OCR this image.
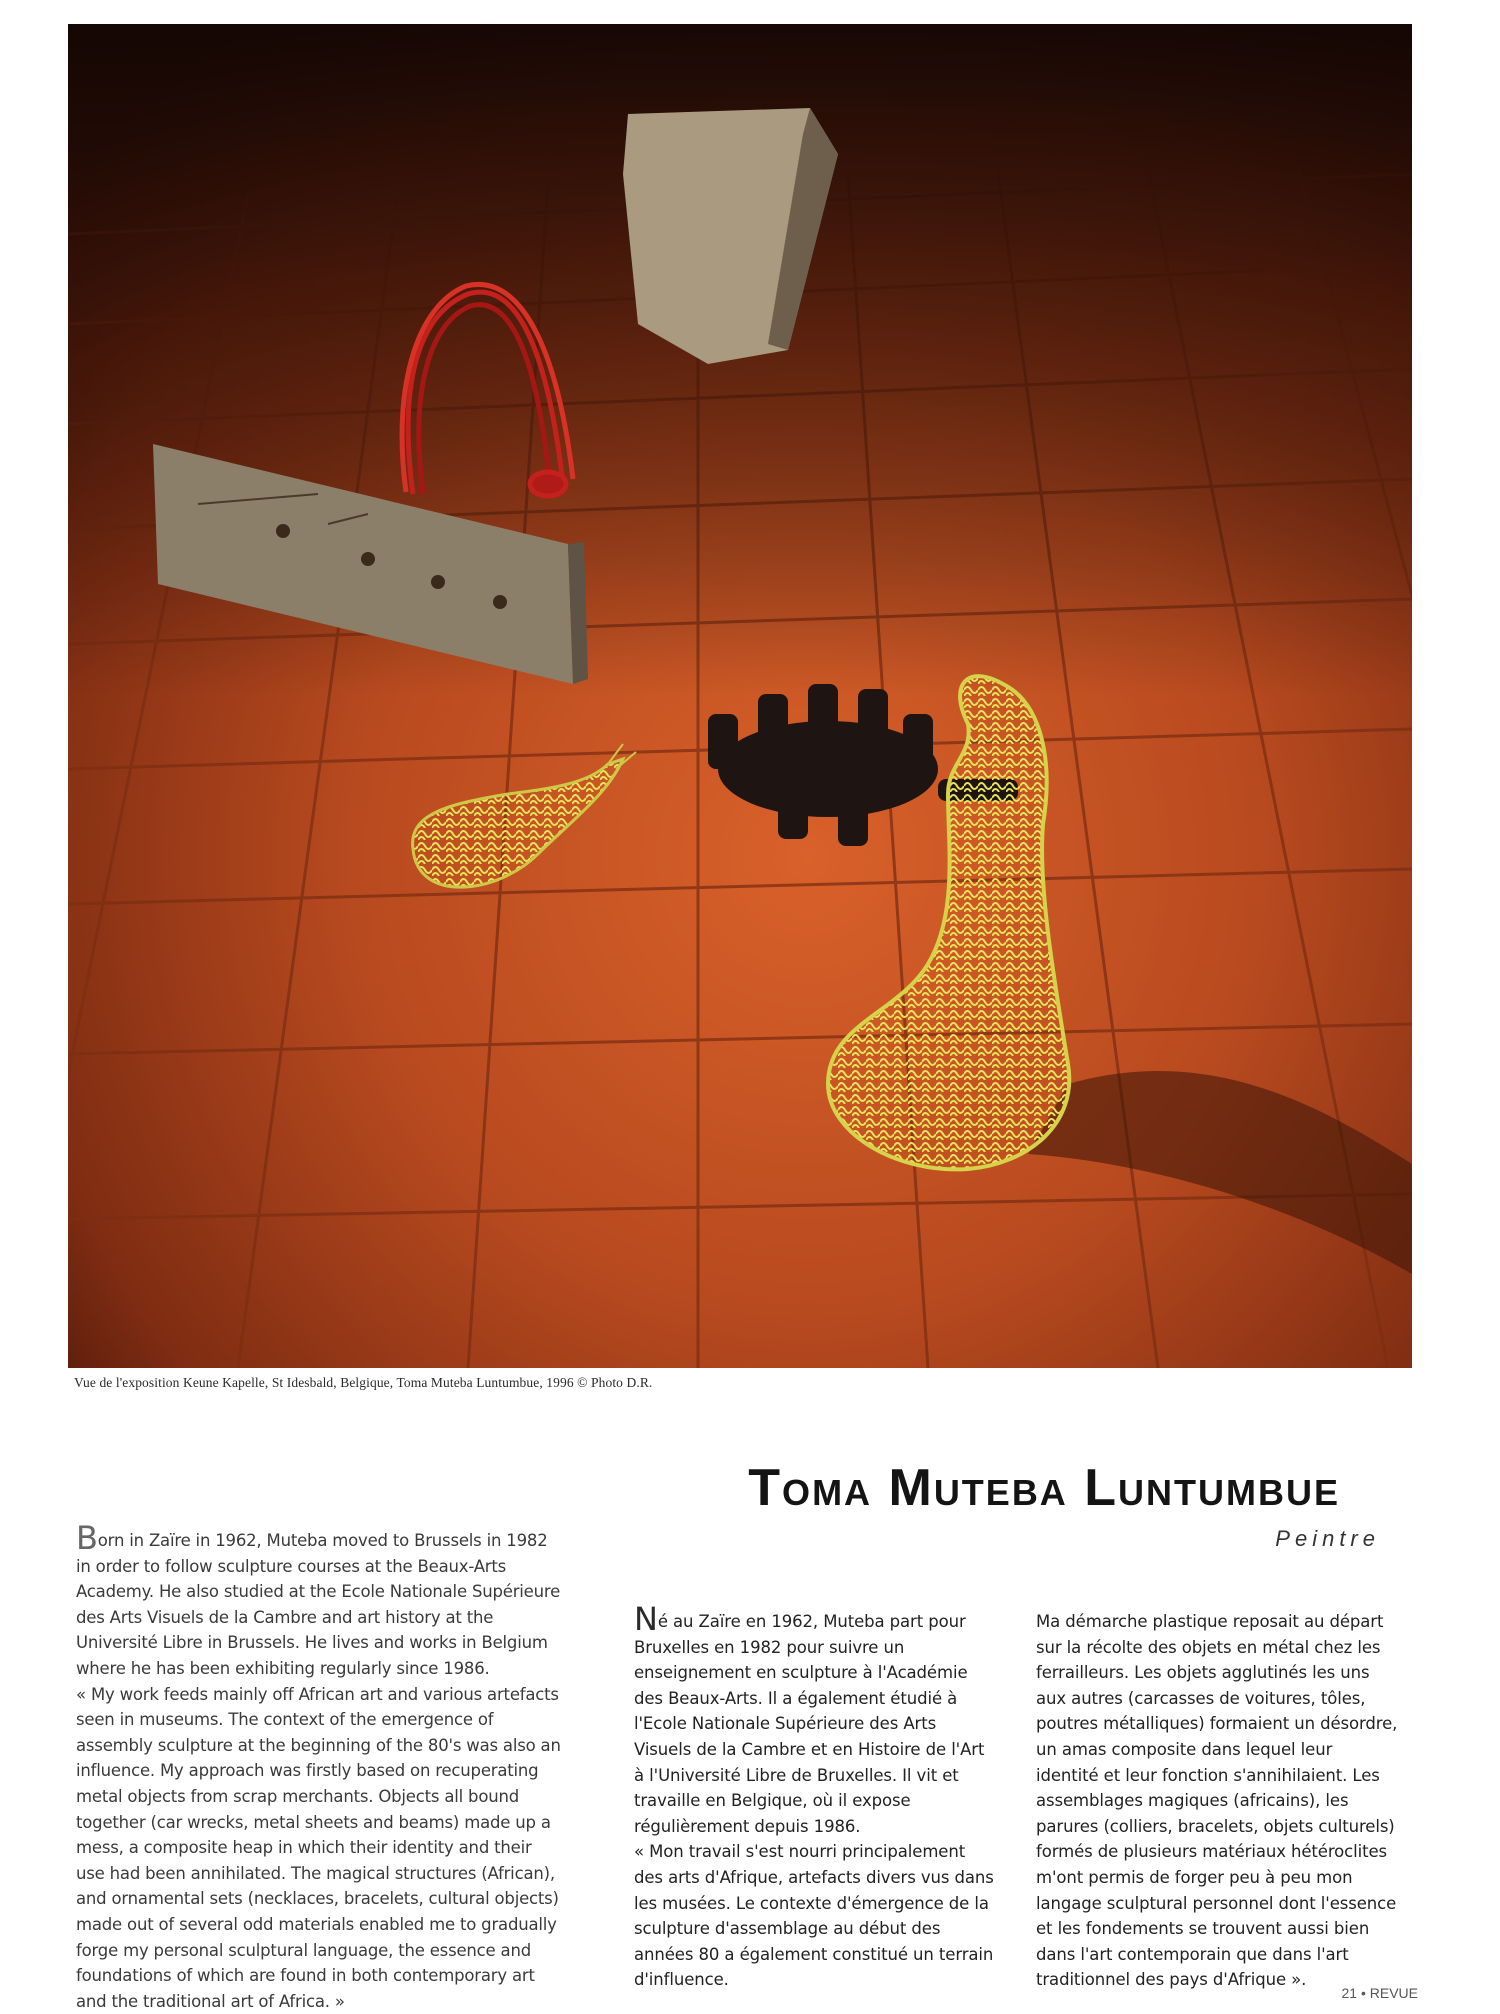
Vue de l'exposition Keune Kapelle, St Idesbald, Belgique, Toma Muteba Luntumbue, 1996 © Photo D.R.
Toma Muteba Luntumbue
Peintre
Born in Zaïre in 1962, Muteba moved to Brussels in 1982 in order to follow sculpture courses at the Beaux-Arts Academy. He also studied at the Ecole Nationale Supérieure des Arts Visuels de la Cambre and art history at the Université Libre in Brussels. He lives and works in Belgium where he has been exhibiting regularly since 1986.
« My work feeds mainly off African art and various artefacts seen in museums. The context of the emergence of assembly sculpture at the beginning of the 80's was also an influence. My approach was firstly based on recuperating metal objects from scrap merchants. Objects all bound together (car wrecks, metal sheets and beams) made up a mess, a composite heap in which their identity and their use had been annihilated. The magical structures (African), and ornamental sets (necklaces, bracelets, cultural objects) made out of several odd materials enabled me to gradually forge my personal sculptural language, the essence and foundations of which are found in both contemporary art and the traditional art of Africa. »
Né au Zaïre en 1962, Muteba part pour Bruxelles en 1982 pour suivre un enseignement en sculpture à l'Académie des Beaux-Arts. Il a également étudié à l'Ecole Nationale Supérieure des Arts Visuels de la Cambre et en Histoire de l'Art à l'Université Libre de Bruxelles. Il vit et travaille en Belgique, où il expose régulièrement depuis 1986.
« Mon travail s'est nourri principalement des arts d'Afrique, artefacts divers vus dans les musées. Le contexte d'émergence de la sculpture d'assemblage au début des années 80 a également constitué un terrain d'influence.
Ma démarche plastique reposait au départ sur la récolte des objets en métal chez les ferrailleurs. Les objets agglutinés les uns aux autres (carcasses de voitures, tôles, poutres métalliques) formaient un désordre, un amas composite dans lequel leur identité et leur fonction s'annihilaient. Les assemblages magiques (africains), les parures (colliers, bracelets, objets culturels) formés de plusieurs matériaux hétéroclites m'ont permis de forger peu à peu mon langage sculptural personnel dont l'essence et les fondements se trouvent aussi bien dans l'art contemporain que dans l'art traditionnel des pays d'Afrique ».
21 • REVUE
